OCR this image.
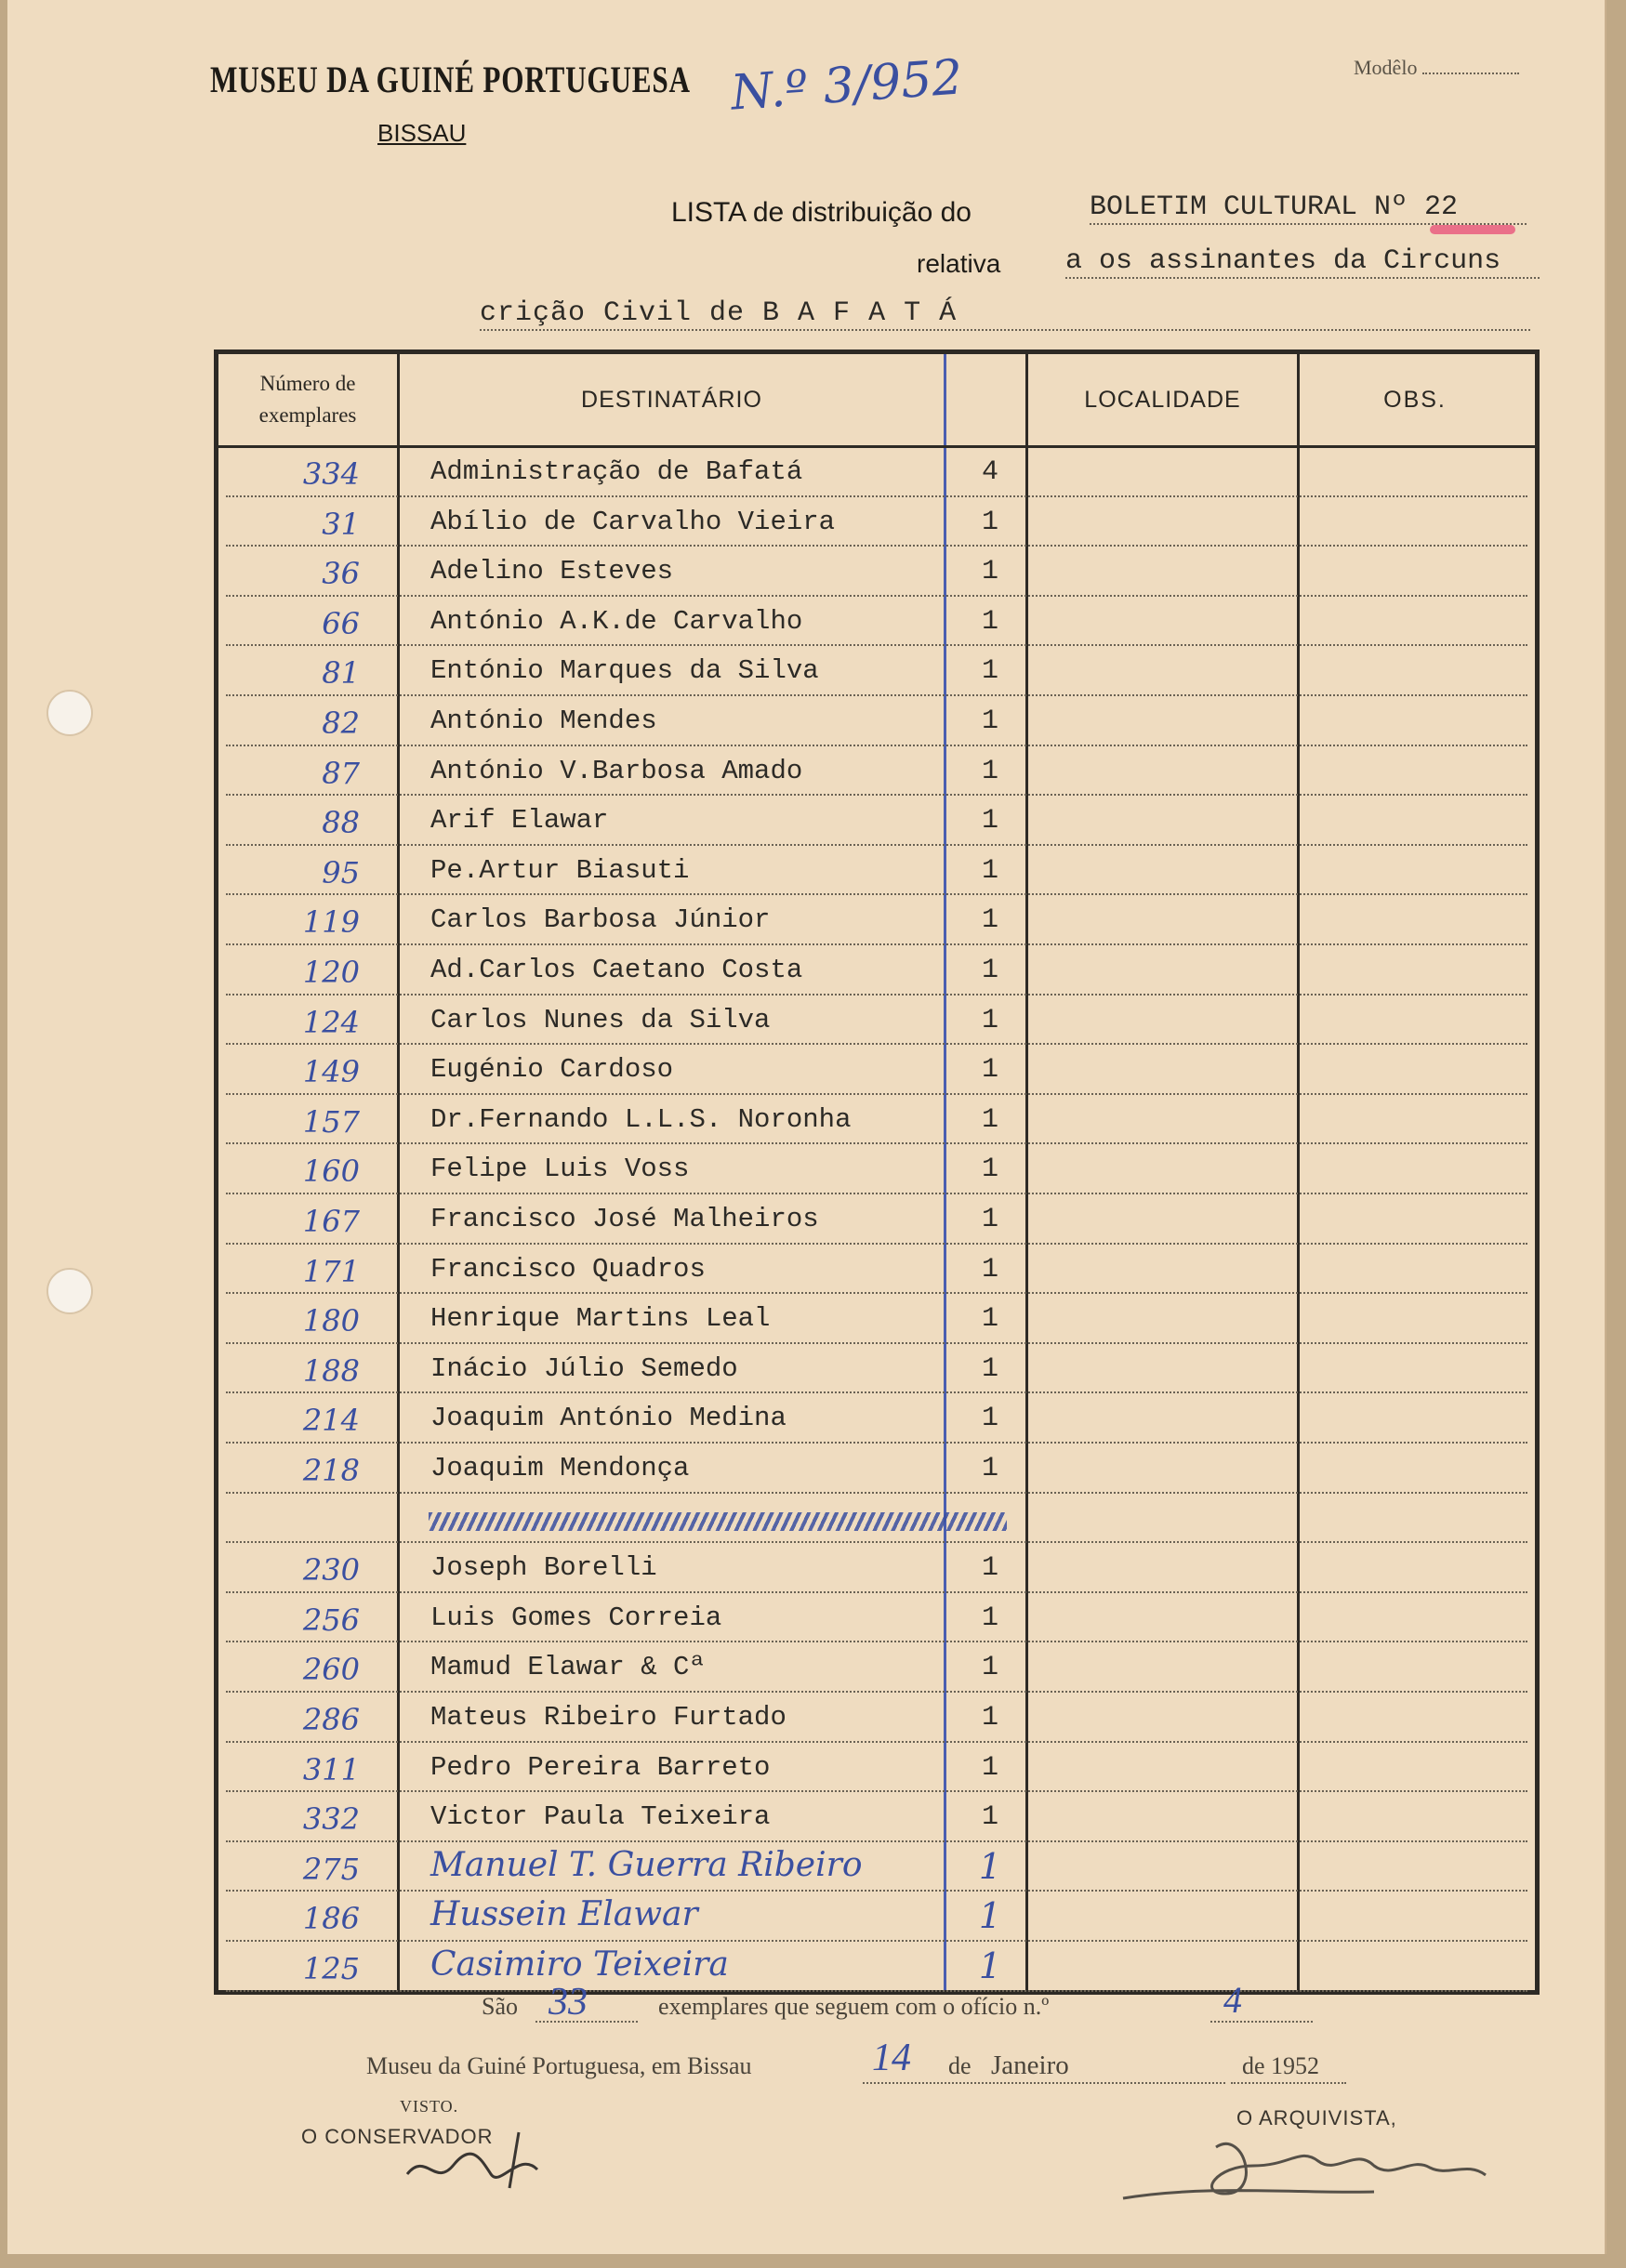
MUSEU DA GUINÉ PORTUGUESA
BISSAU
N.º 3/952	Modêlo
LISTA de distribuição do	BOLETIM CULTURAL Nº 22
relativa a os assinantes da Circuns
crição Civil de B A F A T Á
Número de exemplares
DESTINATÁRIO	LOCALIDADE	OBS.
334	Administração de Bafatá	4
31	Abílio de Carvalho Vieira	1
36	Adelino Esteves	1
66	António A.K.de Carvalho	1
81	Entónio Marques da Silva	1
82	António Mendes	1
87	António V.Barbosa Amado	1
88	Arif Elawar	1
95	Pe.Artur Biasuti	1
119	Carlos Barbosa Júnior	1
120	Ad.Carlos Caetano Costa	1
124	Carlos Nunes da Silva	1
149	Eugénio Cardoso	1
157	Dr.Fernando L.L.S. Noronha	1
160	Felipe Luis Voss	1
167	Francisco José Malheiros	1
171	Francisco Quadros	1
180	Henrique Martins Leal	1
188	Inácio Júlio Semedo	1
214	Joaquim António Medina	1
218	Joaquim Mendonça	1
230	Joseph Borelli	1
256	Luis Gomes Correia	1
260	Mamud Elawar & Cª	1
286	Mateus Ribeiro Furtado	1
311	Pedro Pereira Barreto	1
332	Victor Paula Teixeira	1
275 Manuel T. Guerra Ribeiro	1
186 Hussein Elawar	1
125 Casimiro Teixeira	1
São 33	exemplares que seguem com o ofício n.º	4
Museu da Guiné Portuguesa, em Bissau	14 de Janeiro	de 1952
VISTO.
O CONSERVADOR
O ARQUIVISTA,
